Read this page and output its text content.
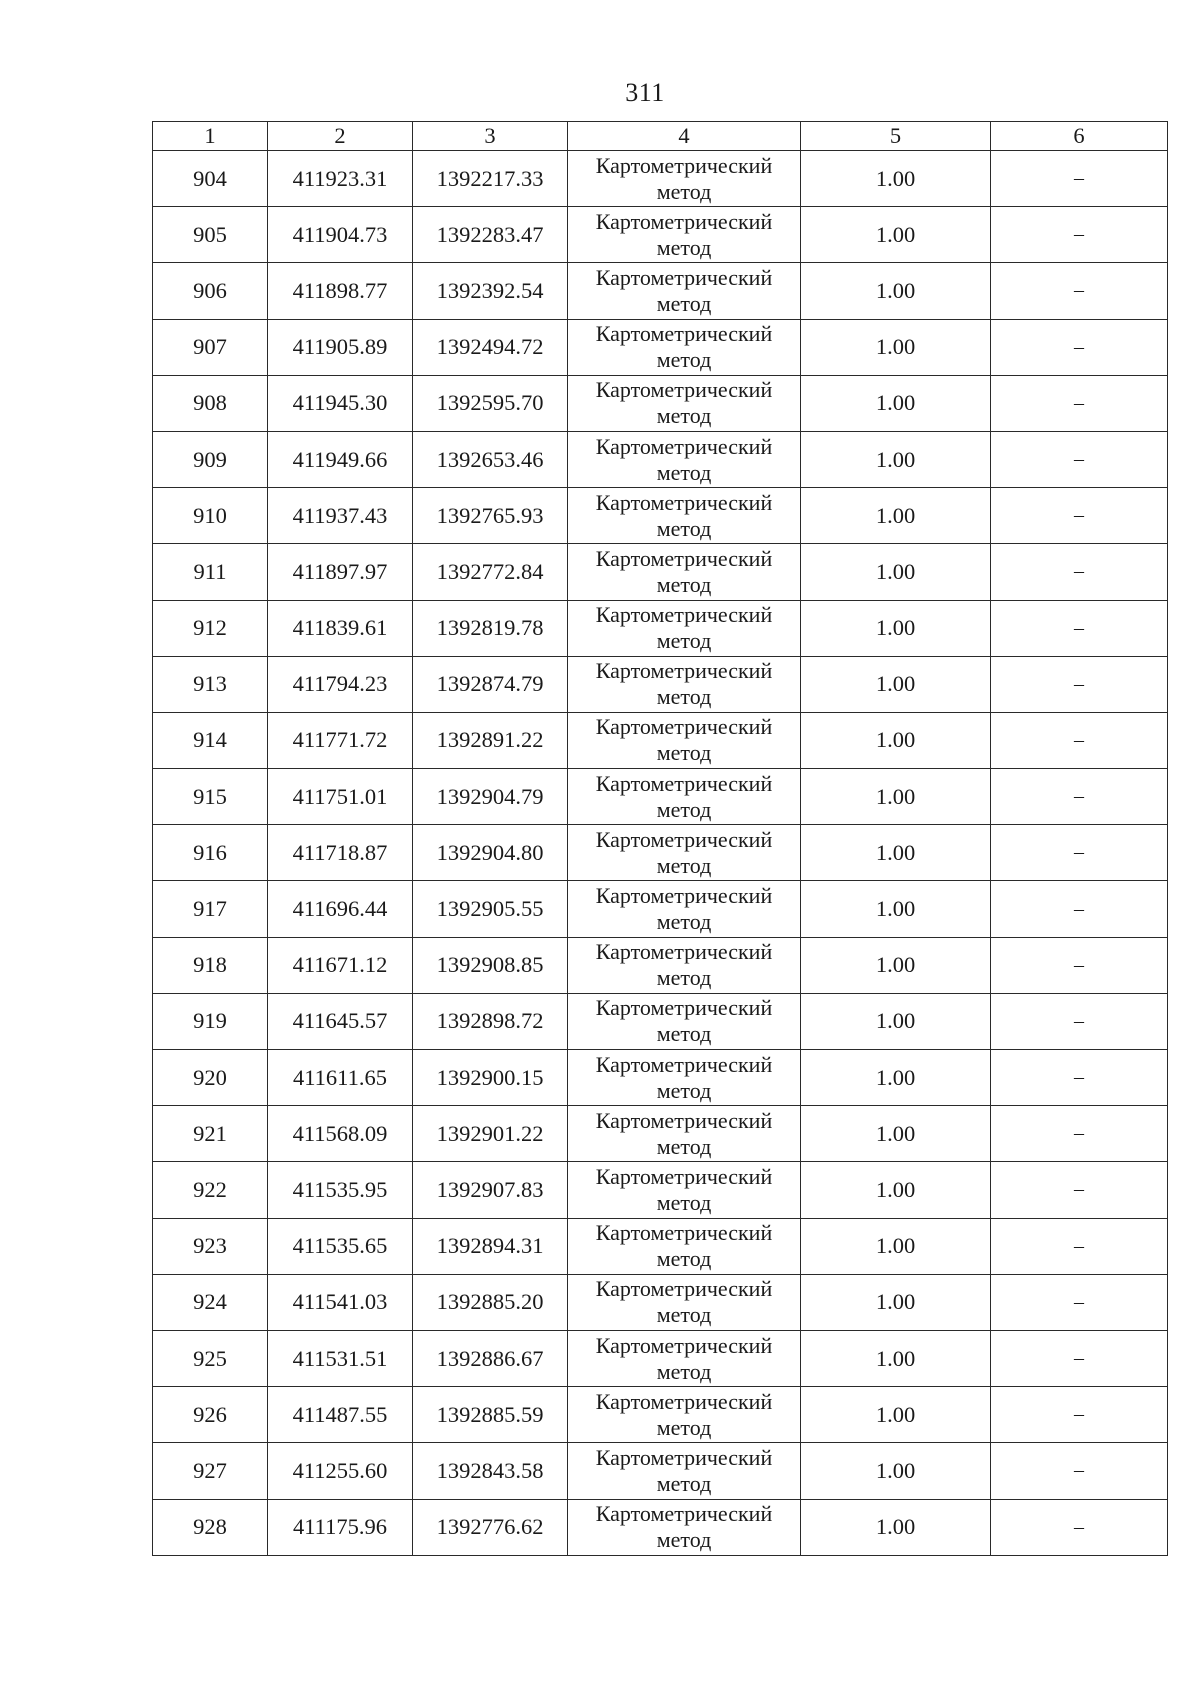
311
1	2	3	4	5	6
904	411923.31	1392217.33	Картометрический
метод	1.00	–
905	411904.73	1392283.47	Картометрический
метод	1.00	–
906	411898.77	1392392.54	Картометрический
метод	1.00	–
907	411905.89	1392494.72	Картометрический
метод	1.00	–
908	411945.30	1392595.70	Картометрический
метод	1.00	–
909	411949.66	1392653.46	Картометрический
метод	1.00	–
910	411937.43	1392765.93	Картометрический
метод	1.00	–
911	411897.97	1392772.84	Картометрический
метод	1.00	–
912	411839.61	1392819.78	Картометрический
метод	1.00	–
913	411794.23	1392874.79	Картометрический
метод	1.00	–
914	411771.72	1392891.22	Картометрический
метод	1.00	–
915	411751.01	1392904.79	Картометрический
метод	1.00	–
916	411718.87	1392904.80	Картометрический
метод	1.00	–
917	411696.44	1392905.55	Картометрический
метод	1.00	–
918	411671.12	1392908.85	Картометрический
метод	1.00	–
919	411645.57	1392898.72	Картометрический
метод	1.00	–
920	411611.65	1392900.15	Картометрический
метод	1.00	–
921	411568.09	1392901.22	Картометрический
метод	1.00	–
922	411535.95	1392907.83	Картометрический
метод	1.00	–
923	411535.65	1392894.31	Картометрический
метод	1.00	–
924	411541.03	1392885.20	Картометрический
метод	1.00	–
925	411531.51	1392886.67	Картометрический
метод	1.00	–
926	411487.55	1392885.59	Картометрический
метод	1.00	–
927	411255.60	1392843.58	Картометрический
метод	1.00	–
928	411175.96	1392776.62	Картометрический
метод	1.00	–
